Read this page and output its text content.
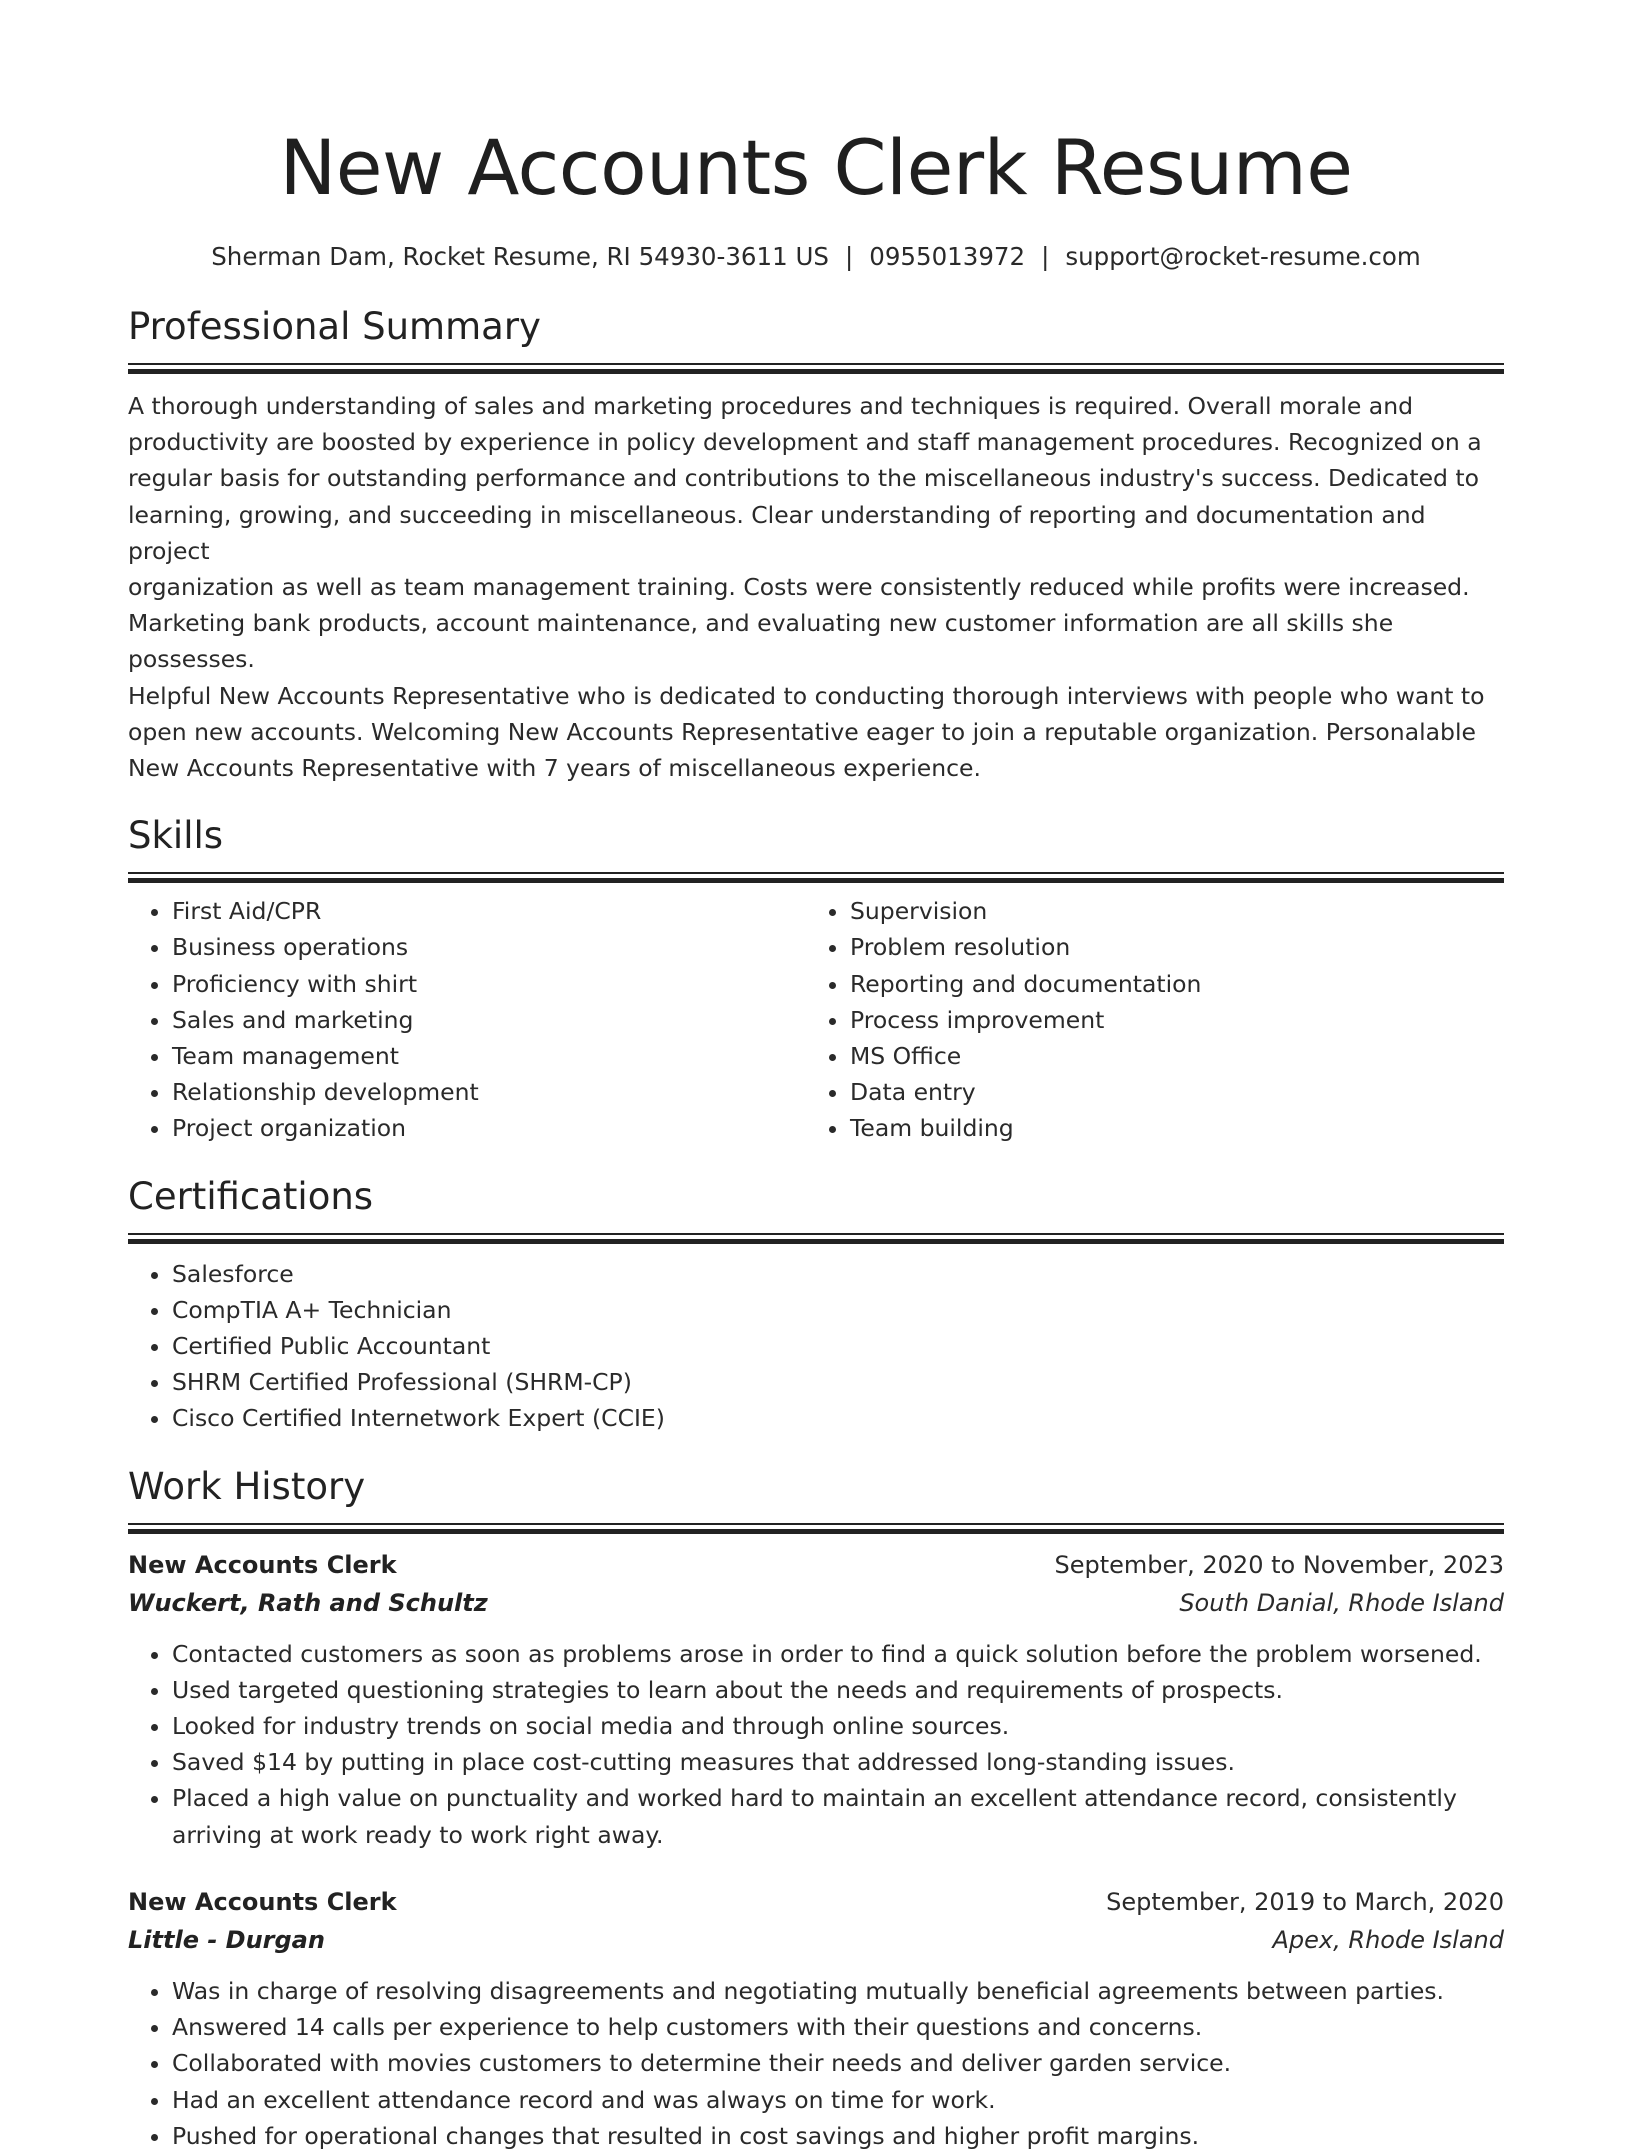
New Accounts Clerk Resume
Sherman Dam, Rocket Resume, RI 54930-3611 US | 0955013972 | support@rocket-resume.com
Professional Summary
A thorough understanding of sales and marketing procedures and techniques is required. Overall morale and
productivity are boosted by experience in policy development and staff management procedures. Recognized on a
regular basis for outstanding performance and contributions to the miscellaneous industry's success. Dedicated to
learning, growing, and succeeding in miscellaneous. Clear understanding of reporting and documentation and project
organization as well as team management training. Costs were consistently reduced while profits were increased.
Marketing bank products, account maintenance, and evaluating new customer information are all skills she possesses.
Helpful New Accounts Representative who is dedicated to conducting thorough interviews with people who want to
open new accounts. Welcoming New Accounts Representative eager to join a reputable organization. Personalable
New Accounts Representative with 7 years of miscellaneous experience.
Skills
• First Aid/CPR
• Business operations
• Proficiency with shirt
• Sales and marketing
• Team management
• Relationship development
• Project organization
• Supervision
• Problem resolution
• Reporting and documentation
• Process improvement
• MS Office
• Data entry
• Team building
Certifications
• Salesforce
• CompTIA A+ Technician
• Certified Public Accountant
• SHRM Certified Professional (SHRM-CP)
• Cisco Certified Internetwork Expert (CCIE)
Work History
New Accounts Clerk	September, 2020 to November, 2023
Wuckert, Rath and Schultz	South Danial, Rhode Island
• Contacted customers as soon as problems arose in order to find a quick solution before the problem worsened.
• Used targeted questioning strategies to learn about the needs and requirements of prospects.
• Looked for industry trends on social media and through online sources.
• Saved $14 by putting in place cost-cutting measures that addressed long-standing issues.
• Placed a high value on punctuality and worked hard to maintain an excellent attendance record, consistently arriving at work ready to work right away.
New Accounts Clerk	September, 2019 to March, 2020
Little - Durgan	Apex, Rhode Island
• Was in charge of resolving disagreements and negotiating mutually beneficial agreements between parties.
• Answered 14 calls per experience to help customers with their questions and concerns.
• Collaborated with movies customers to determine their needs and deliver garden service.
• Had an excellent attendance record and was always on time for work.
• Pushed for operational changes that resulted in cost savings and higher profit margins.
